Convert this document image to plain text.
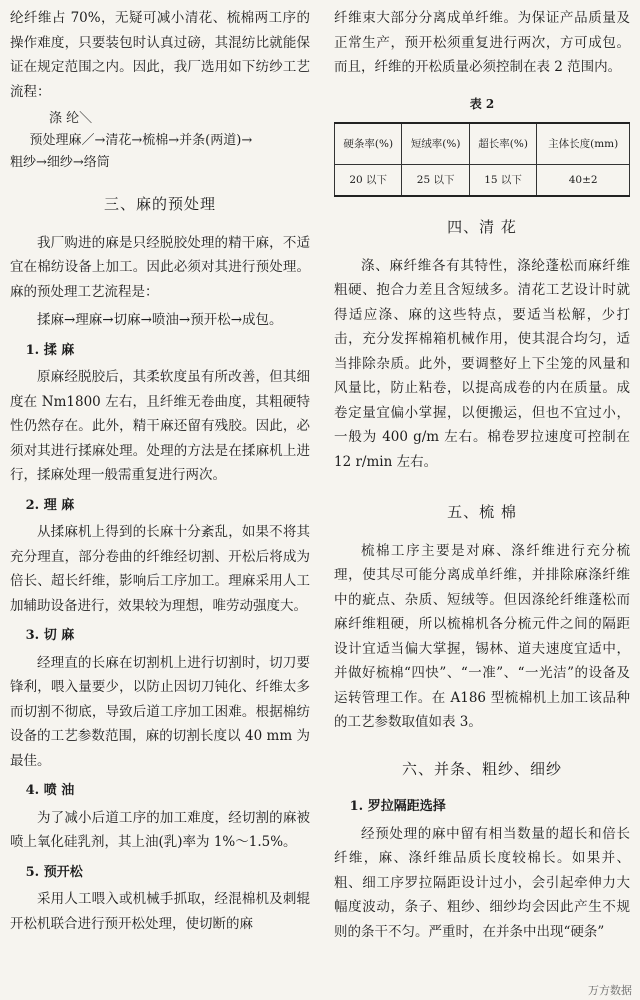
纶纤维占 70%，无疑可减小清花、梳棉两工序的操作难度，只要装包时认真过磅，其混纺比就能保证在规定范围之内。因此，我厂选用如下纺纱工艺流程：

涤 纶＼
预处理麻／→清花→梳棉→并条(两道)→
粗纱→细纱→络筒
三、麻的预处理

我厂购进的麻是只经脱胶处理的精干麻，不适宜在棉纺设备上加工。因此必须对其进行预处理。麻的预处理工艺流程是：

揉麻→理麻→切麻→喷油→预开松→成包。

1. 揉 麻

原麻经脱胶后，其柔软度虽有所改善，但其细度在 Nm1800 左右，且纤维无卷曲度，其粗硬特性仍然存在。此外，精干麻还留有残胶。因此，必须对其进行揉麻处理。处理的方法是在揉麻机上进行，揉麻处理一般需重复进行两次。

2. 理 麻

从揉麻机上得到的长麻十分紊乱，如果不将其充分理直，部分卷曲的纤维经切割、开松后将成为倍长、超长纤维，影响后工序加工。理麻采用人工加辅助设备进行，效果较为理想，唯劳动强度大。

3. 切 麻

经理直的长麻在切割机上进行切割时，切刀要锋利，喂入量要少，以防止因切刀钝化、纤维太多而切割不彻底，导致后道工序加工困难。根据棉纺设备的工艺参数范围，麻的切割长度以 40 mm 为最佳。

4. 喷 油

为了减小后道工序的加工难度，经切割的麻被喷上氧化硅乳剂，其上油(乳)率为 1%～1.5%。

5. 预开松

采用人工喂入或机械手抓取，经混棉机及刺辊开松机联合进行预开松处理，使切断的麻

纤维束大部分分离成单纤维。为保证产品质量及正常生产，预开松须重复进行两次，方可成包。而且，纤维的开松质量必须控制在表 2 范围内。

表 2
硬条率(%)	短绒率(%)	超长率(%)	主体长度(mm)
20 以下	25 以下	15 以下	40±2
四、清 花

涤、麻纤维各有其特性，涤纶蓬松而麻纤维粗硬、抱合力差且含短绒多。清花工艺设计时就得适应涤、麻的这些特点，要适当松解，少打击，充分发挥棉箱机械作用，使其混合均匀，适当排除杂质。此外，要调整好上下尘笼的风量和风量比，防止粘卷，以提高成卷的内在质量。成卷定量宜偏小掌握，以便搬运，但也不宜过小，一般为 400 g/m 左右。棉卷罗拉速度可控制在 12 r/min 左右。

五、梳 棉

梳棉工序主要是对麻、涤纤维进行充分梳理，使其尽可能分离成单纤维，并排除麻涤纤维中的疵点、杂质、短绒等。但因涤纶纤维蓬松而麻纤维粗硬，所以梳棉机各分梳元件之间的隔距设计宜适当偏大掌握，锡林、道夫速度宜适中，并做好梳棉“四快”、“一准”、“一光洁”的设备及运转管理工作。在 A186 型梳棉机上加工该品种的工艺参数取值如表 3。

六、并条、粗纱、细纱
1. 罗拉隔距选择

经预处理的麻中留有相当数量的超长和倍长纤维，麻、涤纤维品质长度较棉长。如果并、粗、细工序罗拉隔距设计过小，会引起牵伸力大幅度波动，条子、粗纱、细纱均会因此产生不规则的条干不匀。严重时，在并条中出现“硬条”

万方数据
